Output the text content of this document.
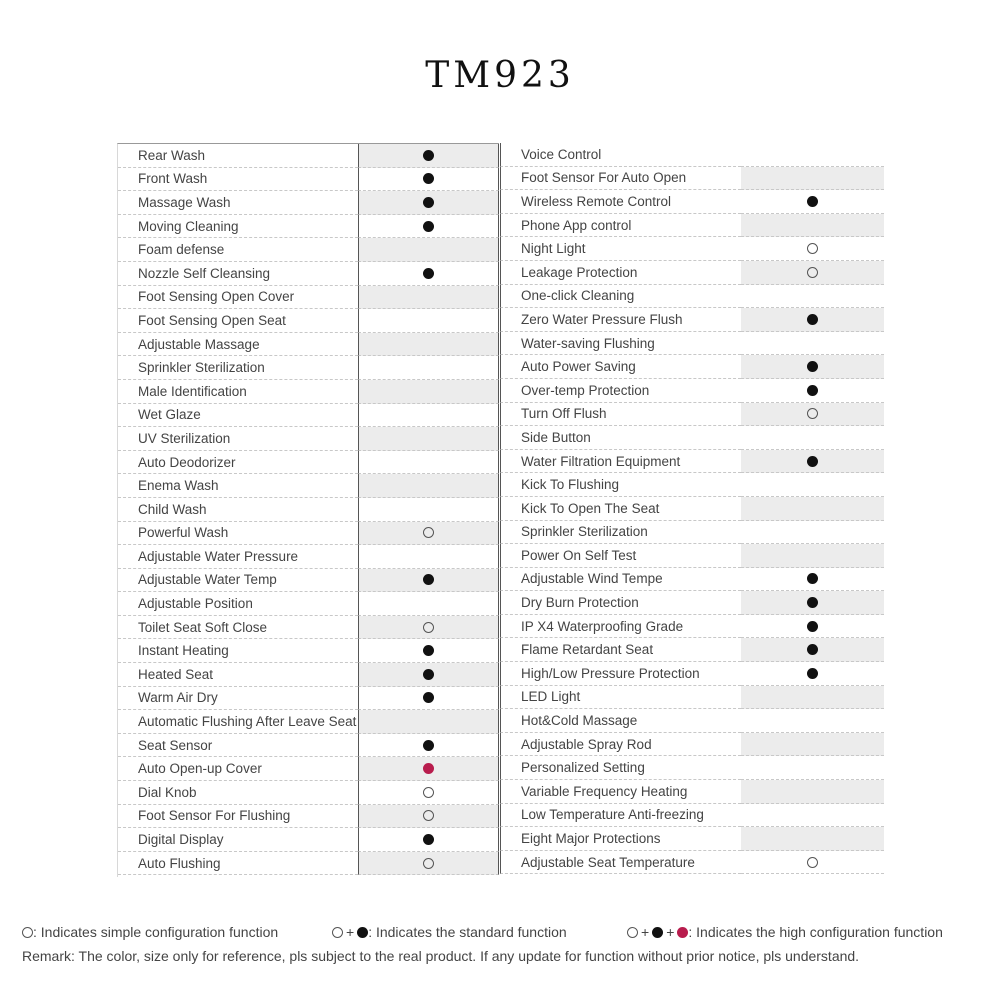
TM923
Rear Wash
Front Wash
Massage Wash
Moving Cleaning
Foam defense
Nozzle Self Cleansing
Foot Sensing Open Cover
Foot Sensing Open Seat
Adjustable Massage
Sprinkler Sterilization
Male Identification
Wet Glaze
UV Sterilization
Auto Deodorizer
Enema Wash
Child Wash
Powerful Wash
Adjustable Water Pressure
Adjustable Water Temp
Adjustable Position
Toilet Seat Soft Close
Instant Heating
Heated Seat
Warm Air Dry
Automatic Flushing After Leave Seat
Seat Sensor
Auto Open-up Cover
Dial Knob
Foot Sensor For Flushing
Digital Display
Auto Flushing
Voice Control
Foot Sensor For Auto Open
Wireless Remote Control
Phone App control
Night Light
Leakage Protection
One-click Cleaning
Zero Water Pressure Flush
Water-saving Flushing
Auto Power Saving
Over-temp Protection
Turn Off Flush
Side Button
Water Filtration Equipment
Kick To Flushing
Kick To Open The Seat
Sprinkler Sterilization
Power On Self Test
Adjustable Wind Tempe
Dry Burn Protection
IP X4 Waterproofing Grade
Flame Retardant Seat
High/Low Pressure Protection
LED Light
Hot&Cold Massage
Adjustable Spray Rod
Personalized Setting
Variable Frequency Heating
Low Temperature Anti-freezing
Eight Major Protections
Adjustable Seat Temperature
: Indicates simple configuration function	+ : Indicates the standard function	+ + : Indicates the high configuration function
Remark: The color, size only for reference, pls subject to the real product. If any update for function without prior notice, pls understand.
